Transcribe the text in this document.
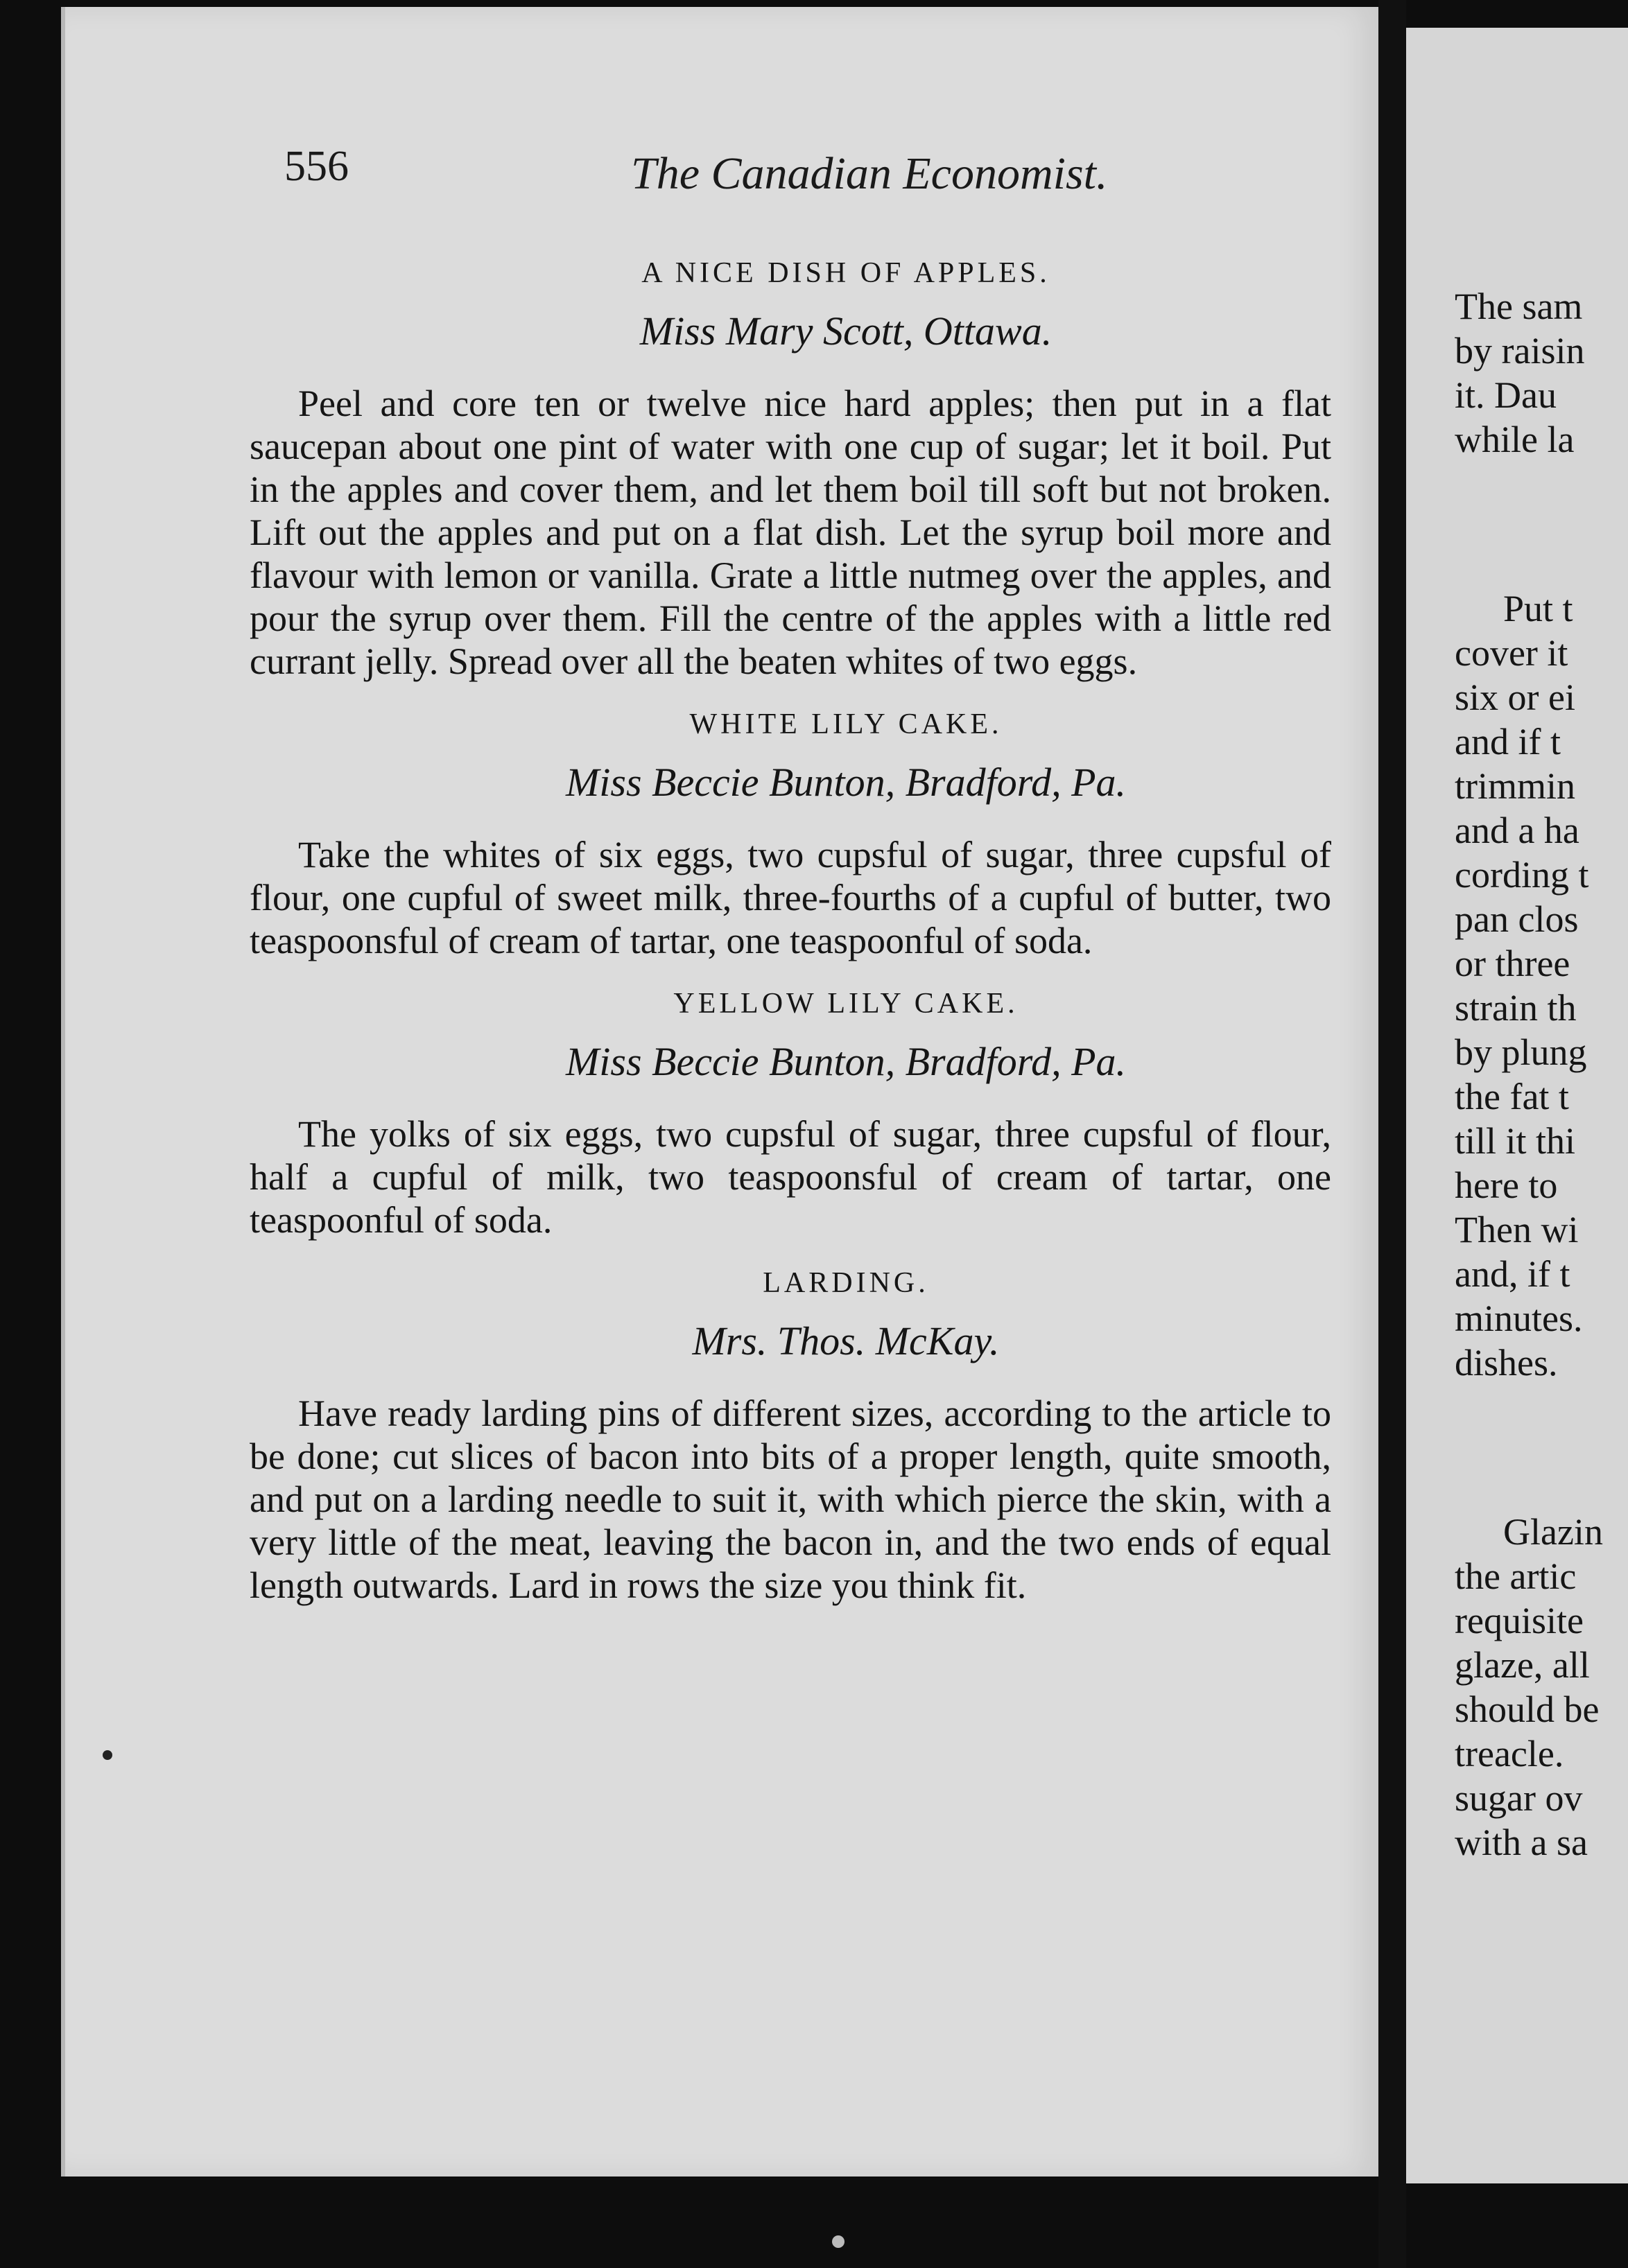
556	The Canadian Economist.
A NICE DISH OF APPLES.
Miss Mary Scott, Ottawa.

Peel and core ten or twelve nice hard apples; then put in a flat saucepan about one pint of water with one cup of sugar; let it boil. Put in the apples and cover them, and let them boil till soft but not broken. Lift out the apples and put on a flat dish. Let the syrup boil more and flavour with lemon or vanilla. Grate a little nutmeg over the apples, and pour the syrup over them. Fill the centre of the apples with a little red currant jelly. Spread over all the beaten whites of two eggs.

WHITE LILY CAKE.
Miss Beccie Bunton, Bradford, Pa.

Take the whites of six eggs, two cupsful of sugar, three cupsful of flour, one cupful of sweet milk, three-fourths of a cupful of butter, two teaspoonsful of cream of tartar, one teaspoonful of soda.

YELLOW LILY CAKE.
Miss Beccie Bunton, Bradford, Pa.

The yolks of six eggs, two cupsful of sugar, three cupsful of flour, half a cupful of milk, two teaspoonsful of cream of tartar, one teaspoonful of soda.

LARDING.
Mrs. Thos. McKay.

Have ready larding pins of different sizes, according to the article to be done; cut slices of bacon into bits of a proper length, quite smooth, and put on a larding needle to suit it, with which pierce the skin, with a very little of the meat, leaving the bacon in, and the two ends of equal length outwards. Lard in rows the size you think fit.

The sam
by raisin
it. Dau
while la
Put t
cover it
six or ei
and if t
trimmin
and a ha
cording t
pan clos
or three
strain th
by plung
the fat t
till it thi
here to
Then wi
and, if t
minutes.
dishes.
Glazin
the artic
requisite
glaze, all
should be
treacle.
sugar ov
with a sa
